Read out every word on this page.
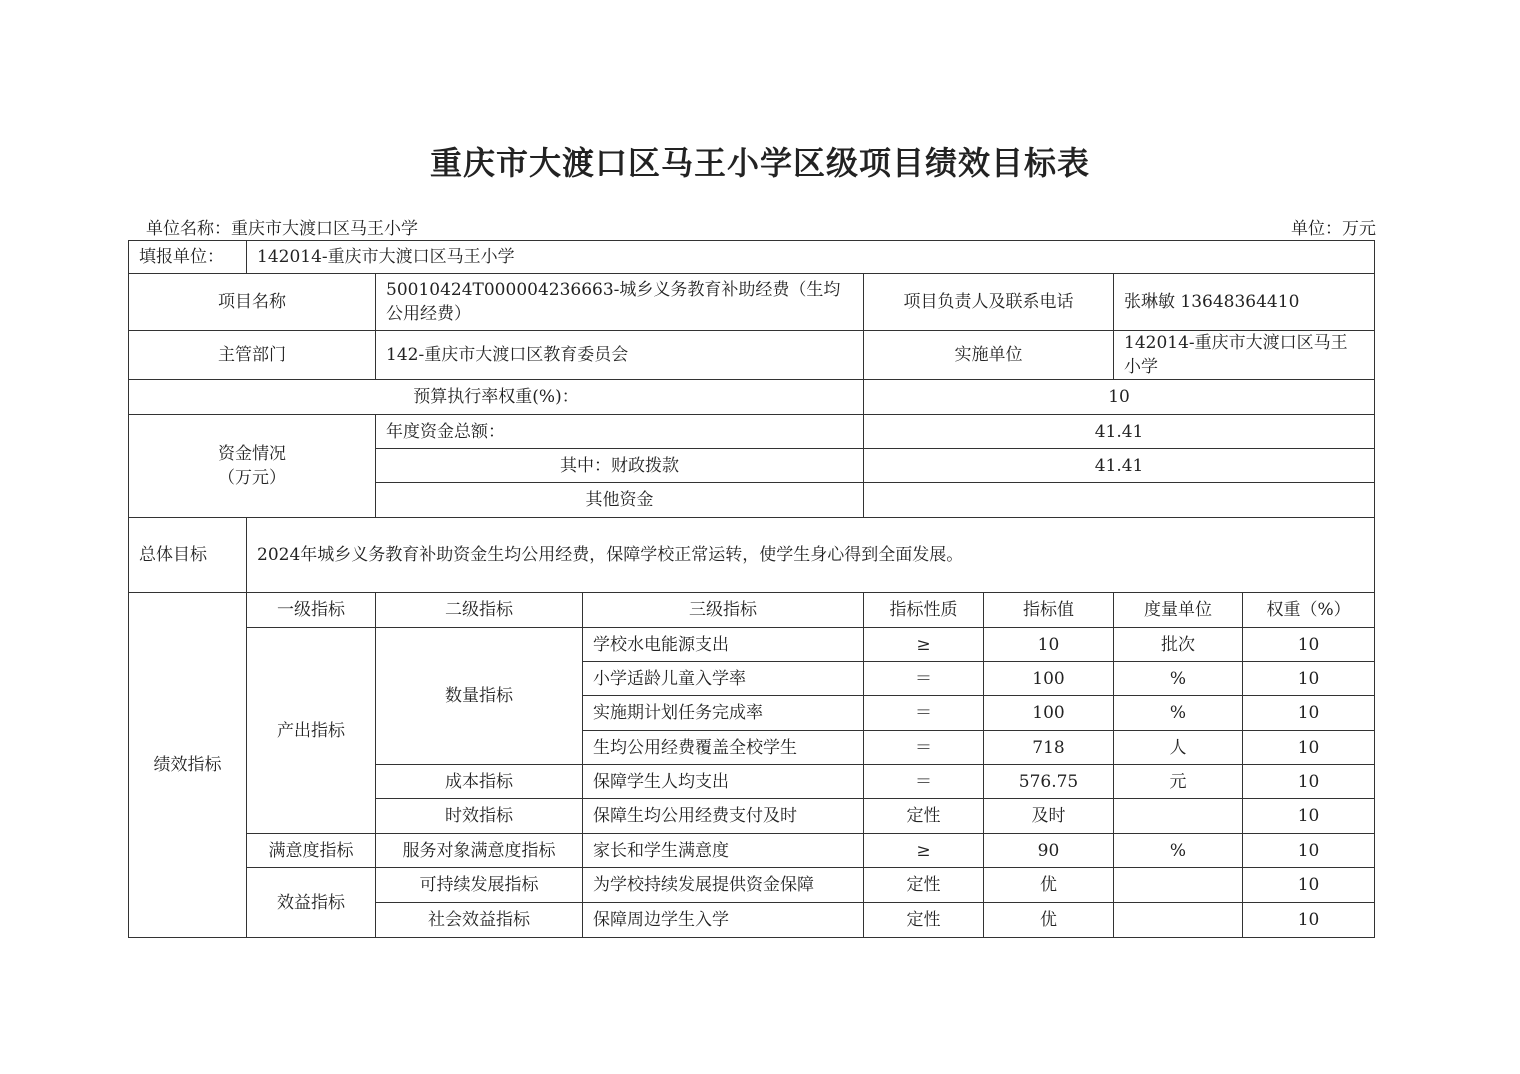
重庆市大渡口区马王小学区级项目绩效目标表
单位名称：重庆市大渡口区马王小学	单位：万元
填报单位：	142014-重庆市大渡口区马王小学						
项目名称		50010424T000004236663-城乡义务教育补助经费（生均公用经费）		项目负责人及联系电话		张琳敏 13648364410	
主管部门		142-重庆市大渡口区教育委员会		实施单位		142014-重庆市大渡口区马王小学	
预算执行率权重(%)：				10			

资金情况
（万元）		年度资金总额：		41.41			
		其中：财政拨款		41.41			
		其他资金					
总体目标	2024年城乡义务教育补助资金生均公用经费，保障学校正常运转，使学生身心得到全面发展。						
绩效指标	一级指标	二级指标	三级指标	指标性质	指标值	度量单位	权重（%）
	产出指标	数量指标	学校水电能源支出	≥	10	批次	10
			小学适龄儿童入学率	＝	100	%	10
			实施期计划任务完成率	＝	100	%	10
			生均公用经费覆盖全校学生	＝	718	人	10
		成本指标	保障学生人均支出	＝	576.75	元	10
		时效指标	保障生均公用经费支付及时	定性	及时		10
	满意度指标	服务对象满意度指标	家长和学生满意度	≥	90	%	10
	效益指标	可持续发展指标	为学校持续发展提供资金保障	定性	优		10
		社会效益指标	保障周边学生入学	定性	优		10
